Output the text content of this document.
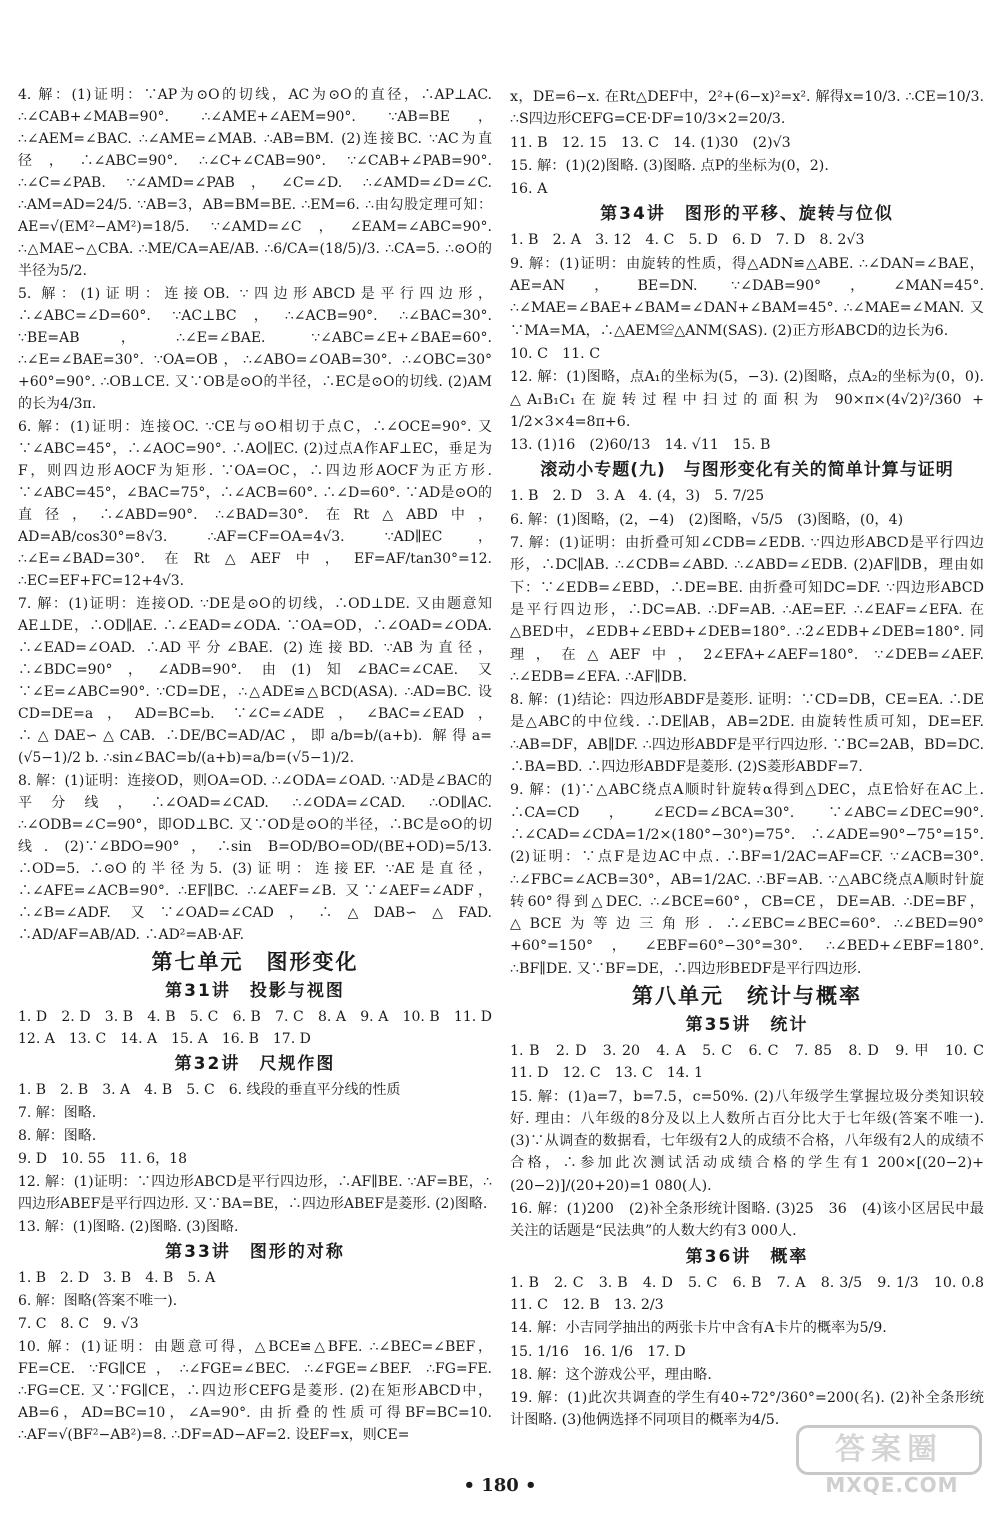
4. 解：(1)证明：∵AP为⊙O的切线，AC为⊙O的直径，∴AP⊥AC. ∴∠CAB+∠MAB=90°. ∴∠AME+∠AEM=90°. ∵AB=BE，∴∠AEM=∠BAC. ∴∠AME=∠MAB. ∴AB=BM. (2)连接BC. ∵AC为直径，∴∠ABC=90°. ∴∠C+∠CAB=90°. ∵∠CAB+∠PAB=90°. ∴∠C=∠PAB. ∵∠AMD=∠PAB，∠C=∠D. ∴∠AMD=∠D=∠C. ∴AM=AD=24/5. ∵AB=3，AB=BM=BE. ∴EM=6. ∴由勾股定理可知：AE=√(EM²−AM²)=18/5. ∵∠AMD=∠C，∠EAM=∠ABC=90°. ∴△MAE∽△CBA. ∴ME/CA=AE/AB. ∴6/CA=(18/5)/3. ∴CA=5. ∴⊙O的半径为5/2.
5. 解：(1)证明：连接OB. ∵四边形ABCD是平行四边形，∴∠ABC=∠D=60°. ∵AC⊥BC，∴∠ACB=90°. ∴∠BAC=30°. ∵BE=AB，∴∠E=∠BAE. ∵∠ABC=∠E+∠BAE=60°. ∴∠E=∠BAE=30°. ∵OA=OB，∴∠ABO=∠OAB=30°. ∴∠OBC=30°+60°=90°. ∴OB⊥CE. 又∵OB是⊙O的半径，∴EC是⊙O的切线. (2)AM的长为4/3π.
6. 解：(1)证明：连接OC. ∵CE与⊙O相切于点C，∴∠OCE=90°. 又∵∠ABC=45°，∴∠AOC=90°. ∴AO∥EC. (2)过点A作AF⊥EC，垂足为F，则四边形AOCF为矩形. ∵OA=OC，∴四边形AOCF为正方形. ∵∠ABC=45°，∠BAC=75°，∴∠ACB=60°. ∴∠D=60°. ∵AD是⊙O的直径，∴∠ABD=90°. ∴∠BAD=30°. 在Rt△ABD中，AD=AB/cos30°=8√3. ∴AF=CF=OA=4√3. ∵AD∥EC，∴∠E=∠BAD=30°. 在Rt△AEF中，EF=AF/tan30°=12. ∴EC=EF+FC=12+4√3.
7. 解：(1)证明：连接OD. ∵DE是⊙O的切线，∴OD⊥DE. 又由题意知AE⊥DE，∴OD∥AE. ∴∠EAD=∠ODA. ∵OA=OD，∴∠OAD=∠ODA. ∴∠EAD=∠OAD. ∴AD平分∠BAE. (2)连接BD. ∵AB为直径，∴∠BDC=90°，∠ADB=90°. 由(1)知∠BAC=∠CAE. 又∵∠E=∠ABC=90°. ∵CD=DE，∴△ADE≌△BCD(ASA). ∴AD=BC. 设CD=DE=a，AD=BC=b. ∵∠C=∠ADE，∠BAC=∠EAD，∴△DAE∽△CAB. ∴DE/BC=AD/AC，即a/b=b/(a+b). 解得a=(√5−1)/2 b. ∴sin∠BAC=b/(a+b)=a/b=(√5−1)/2.
8. 解：(1)证明：连接OD，则OA=OD. ∴∠ODA=∠OAD. ∵AD是∠BAC的平分线，∴∠OAD=∠CAD. ∴∠ODA=∠CAD. ∴OD∥AC. ∴∠ODB=∠C=90°，即OD⊥BC. 又∵OD是⊙O的半径，∴BC是⊙O的切线. (2)∵∠BDO=90°，∴sin B=OD/BO=OD/(BE+OD)=5/13. ∴OD=5. ∴⊙O的半径为5. (3)证明：连接EF. ∵AE是直径，∴∠AFE=∠ACB=90°. ∴EF∥BC. ∴∠AEF=∠B. 又∵∠AEF=∠ADF，∴∠B=∠ADF. 又∵∠OAD=∠CAD，∴△DAB∽△FAD. ∴AD/AF=AB/AD. ∴AD²=AB·AF.
第七单元　图形变化
第31讲　投影与视图
1. D　2. D　3. B　4. B　5. C　6. B　7. C　8. A　9. A　10. B　11. D　12. A　13. C　14. A　15. A　16. B　17. D
第32讲　尺规作图
1. B　2. B　3. A　4. B　5. C　6. 线段的垂直平分线的性质
7. 解：图略.
8. 解：图略.
9. D　10. 55　11. 6，18
12. 解：(1)证明：∵四边形ABCD是平行四边形，∴AF∥BE. ∵AF=BE，∴四边形ABEF是平行四边形. 又∵BA=BE，∴四边形ABEF是菱形. (2)图略.
13. 解：(1)图略. (2)图略. (3)图略.
第33讲　图形的对称
1. B　2. D　3. B　4. B　5. A
6. 解：图略(答案不唯一).
7. C　8. C　9. √3
10. 解：(1)证明：由题意可得，△BCE≌△BFE. ∴∠BEC=∠BEF，FE=CE. ∵FG∥CE，∴∠FGE=∠BEC. ∴∠FGE=∠BEF. ∴FG=FE. ∴FG=CE. 又∵FG∥CE，∴四边形CEFG是菱形. (2)在矩形ABCD中，AB=6，AD=BC=10，∠A=90°. 由折叠的性质可得BF=BC=10. ∴AF=√(BF²−AB²)=8. ∴DF=AD−AF=2. 设EF=x，则CE=
x，DE=6−x. 在Rt△DEF中，2²+(6−x)²=x². 解得x=10/3. ∴CE=10/3. ∴S四边形CEFG=CE·DF=10/3×2=20/3.
11. B　12. 15　13. C　14. (1)30　(2)√3
15. 解：(1)(2)图略. (3)图略. 点P的坐标为(0，2).
16. A
第34讲　图形的平移、旋转与位似
1. B　2. A　3. 12　4. C　5. D　6. D　7. D　8. 2√3
9. 解：(1)证明：由旋转的性质，得△ADN≌△ABE. ∴∠DAN=∠BAE，AE=AN，BE=DN. ∵∠DAB=90°，∠MAN=45°. ∴∠MAE=∠BAE+∠BAM=∠DAN+∠BAM=45°. ∴∠MAE=∠MAN. 又∵MA=MA，∴△AEM≌△ANM(SAS). (2)正方形ABCD的边长为6.
10. C　11. C
12. 解：(1)图略，点A₁的坐标为(5，−3). (2)图略，点A₂的坐标为(0，0). △A₁B₁C₁在旋转过程中扫过的面积为 90×π×(4√2)²/360 + 1/2×3×4=8π+6.
13. (1)16　(2)60/13　14. √11　15. B
滚动小专题(九)　与图形变化有关的简单计算与证明
1. B　2. D　3. A　4. (4，3)　5. 7/25
6. 解：(1)图略，(2，−4)　(2)图略，√5/5　(3)图略，(0，4)
7. 解：(1)证明：由折叠可知∠CDB=∠EDB. ∵四边形ABCD是平行四边形，∴DC∥AB. ∴∠CDB=∠ABD. ∴∠ABD=∠EDB. (2)AF∥DB，理由如下：∵∠EDB=∠EBD，∴DE=BE. 由折叠可知DC=DF. ∵四边形ABCD是平行四边形，∴DC=AB. ∴DF=AB. ∴AE=EF. ∴∠EAF=∠EFA. 在△BED中，∠EDB+∠EBD+∠DEB=180°. ∴2∠EDB+∠DEB=180°. 同理，在△AEF中，2∠EFA+∠AEF=180°. ∵∠DEB=∠AEF. ∴∠EDB=∠EFA. ∴AF∥DB.
8. 解：(1)结论：四边形ABDF是菱形. 证明：∵CD=DB，CE=EA. ∴DE是△ABC的中位线. ∴DE∥AB，AB=2DE. 由旋转性质可知，DE=EF. ∴AB=DF，AB∥DF. ∴四边形ABDF是平行四边形. ∵BC=2AB，BD=DC. ∴BA=BD. ∴四边形ABDF是菱形. (2)S菱形ABDF=7.
9. 解：(1)∵△ABC绕点A顺时针旋转α得到△DEC，点E恰好在AC上. ∴CA=CD，∠ECD=∠BCA=30°. ∵∠ABC=∠DEC=90°. ∴∠CAD=∠CDA=1/2×(180°−30°)=75°. ∴∠ADE=90°−75°=15°. (2)证明：∵点F是边AC中点. ∴BF=1/2AC=AF=CF. ∵∠ACB=30°. ∴∠FBC=∠ACB=30°，AB=1/2AC. ∴BF=AB. ∵△ABC绕点A顺时针旋转60°得到△DEC. ∴∠BCE=60°，CB=CE，DE=AB. ∴DE=BF，△BCE为等边三角形. ∴∠EBC=∠BEC=60°. ∴∠BED=90°+60°=150°，∠EBF=60°−30°=30°. ∴∠BED+∠EBF=180°. ∴BF∥DE. 又∵BF=DE，∴四边形BEDF是平行四边形.
第八单元　统计与概率
第35讲　统计
1. B　2. D　3. 20　4. A　5. C　6. C　7. 85　8. D　9. 甲　10. C　11. D　12. C　13. C　14. 1
15. 解：(1)a=7，b=7.5，c=50%. (2)八年级学生掌握垃圾分类知识较好. 理由：八年级的8分及以上人数所占百分比大于七年级(答案不唯一). (3)∵从调查的数据看，七年级有2人的成绩不合格，八年级有2人的成绩不合格，∴参加此次测试活动成绩合格的学生有1 200×[(20−2)+(20−2)]/(20+20)=1 080(人).
16. 解：(1)200　(2)补全条形统计图略. (3)25　36　(4)该小区居民中最关注的话题是“民法典”的人数大约有3 000人.
第36讲　概率
1. B　2. C　3. B　4. D　5. C　6. B　7. A　8. 3/5　9. 1/3　10. 0.8　11. C　12. B　13. 2/3
14. 解：小吉同学抽出的两张卡片中含有A卡片的概率为5/9.
15. 1/16　16. 1/6　17. D
18. 解：这个游戏公平，理由略.
19. 解：(1)此次共调查的学生有40÷72°/360°=200(名). (2)补全条形统计图略. (3)他俩选择不同项目的概率为4/5.
• 180 •
答案圈
MXQE.COM
